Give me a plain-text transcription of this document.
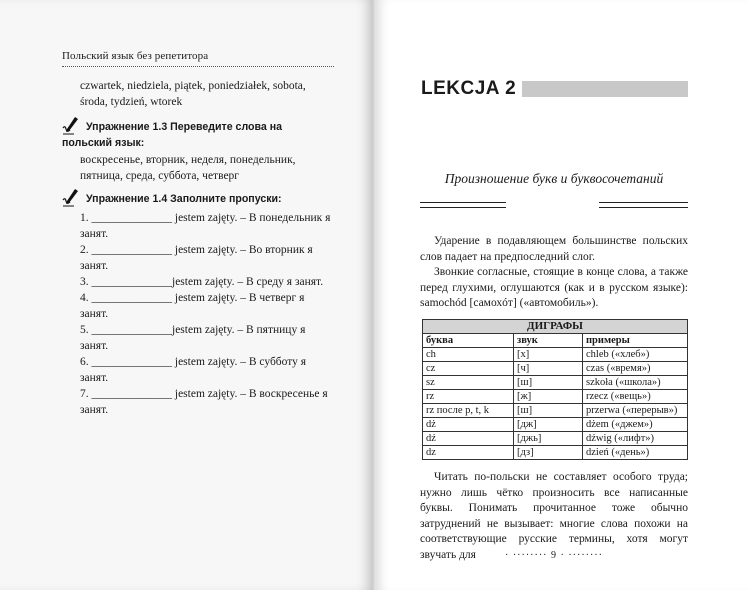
Польский язык без репетитора
czwartek, niedziela, piątek, poniedziałek, sobota, środa, tydzień, wtorek
Упражнение 1.3 Переведите слова на польский язык:
воскресенье, вторник, неделя, понедельник, пятница, среда, суббота, четверг
Упражнение 1.4 Заполните пропуски:
1. ______________ jestem zajęty. – В понедельник я занят.
2. ______________ jestem zajęty. – Во вторник я занят.
3. ______________jestem zajęty. – В среду я занят.
4. ______________ jestem zajęty. – В четверг я занят.
5. ______________jestem zajęty. – В пятницу я занят.
6. ______________ jestem zajęty. – В субботу я занят.
7. ______________ jestem zajęty. – В воскресенье я занят.
LEKCJA 2
Произношение букв и буквосочетаний

Ударение в подавляющем большинстве польских слов падает на предпоследний слог.

Звонкие согласные, стоящие в конце слова, а также перед глухими, оглушаются (как и в русском языке): samochód [самохóт] («автомобиль»).

ДИГРАФЫ		
буква	звук	примеры
ch	[х]	chleb («хлеб»)
cz	[ч]	czas («время»)
sz	[ш]	szkoła («школа»)
rz	[ж]	rzecz («вещь»)
rz после p, t, k	[ш]	przerwa («перерыв»)
dż	[дж]	dżem («джем»)
dź	[джь]	dźwig («лифт»)
dz	[дз]	dzień («день»)

Читать по-польски не составляет особого труда; нужно лишь чётко произносить все написанные буквы. Понимать прочитанное тоже обычно затруднений не вызывает: многие слова похожи на соответствующие русские термины, хотя могут звучать для	· ········ 9 · ········
